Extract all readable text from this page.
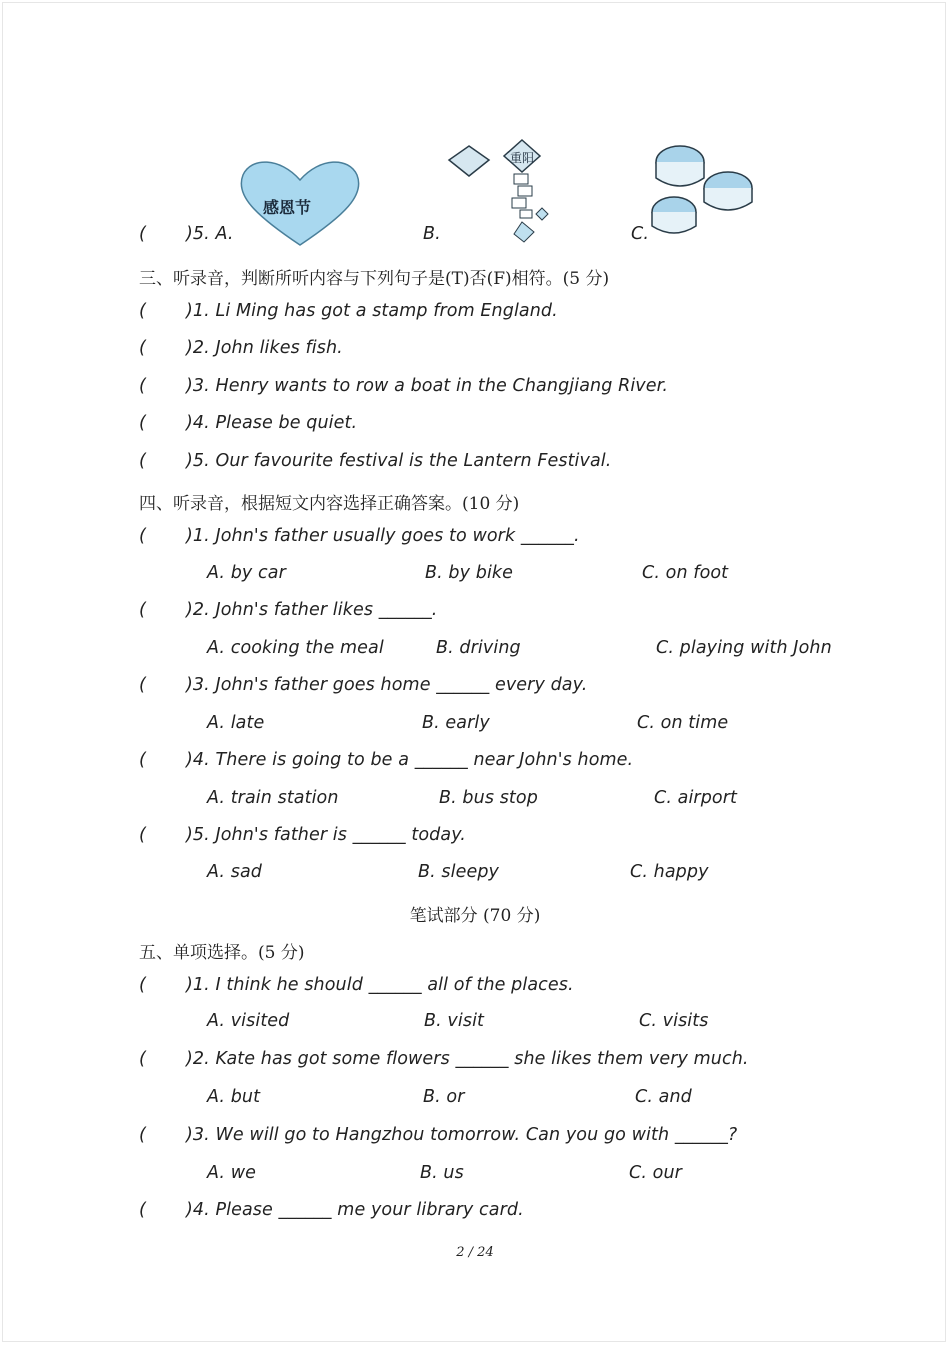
感恩节
重阳
( )5. A.	B.	C.
三、听录音，判断所听内容与下列句子是(T)否(F)相符。(5 分)
( )1. Li Ming has got a stamp from England.
( )2. John likes fish.
( )3. Henry wants to row a boat in the Changjiang River.
( )4. Please be quiet.
( )5. Our favourite festival is the Lantern Festival.
四、听录音，根据短文内容选择正确答案。(10 分)
( )1. John's father usually goes to work ______.
A. by car	B. by bike	C. on foot
( )2. John's father likes ______.
A. cooking the meal	B. driving	C. playing with John
( )3. John's father goes home ______ every day.
A. late	B. early	C. on time
( )4. There is going to be a ______ near John's home.
A. train station	B. bus stop	C. airport
( )5. John's father is ______ today.
A. sad	B. sleepy	C. happy
笔试部分 (70 分)
五、单项选择。(5 分)
( )1. I think he should ______ all of the places.
A. visited	B. visit	C. visits
( )2. Kate has got some flowers ______ she likes them very much.
A. but	B. or	C. and
( )3. We will go to Hangzhou tomorrow. Can you go with ______?
A. we	B. us	C. our
( )4. Please ______ me your library card.
2 / 24
